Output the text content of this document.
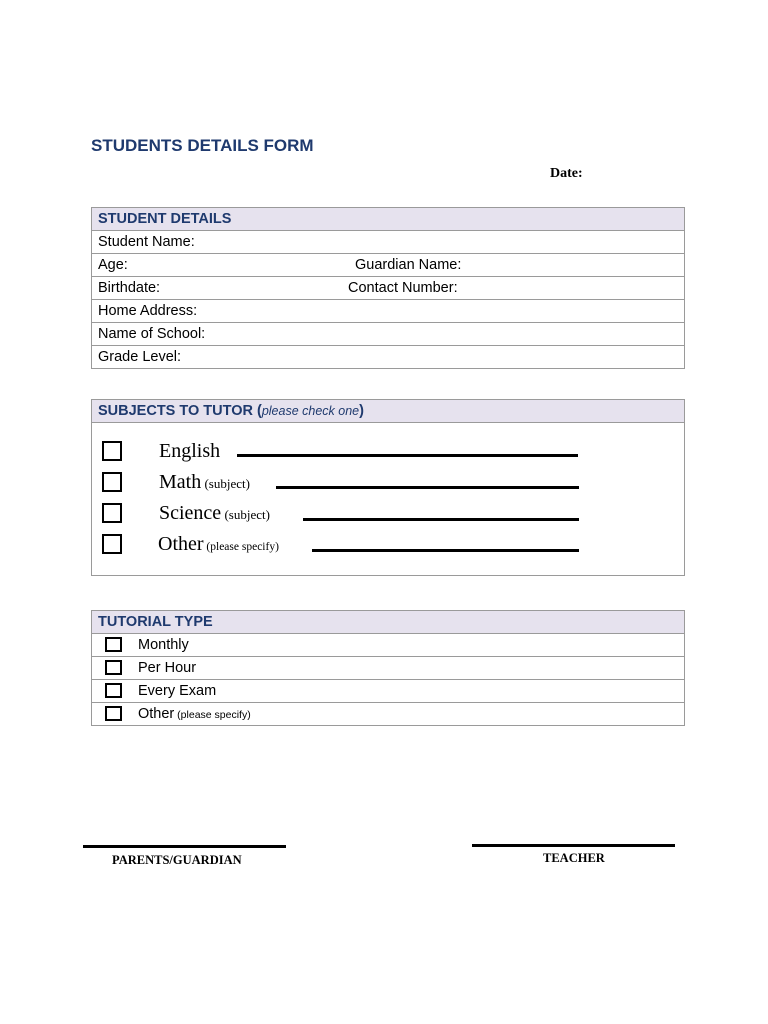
STUDENTS DETAILS FORM
Date:
STUDENT DETAILS
Student Name:
Age:	Guardian Name:
Birthdate:	Contact Number:
Home Address:
Name of School:
Grade Level:
SUBJECTS TO TUTOR (please check one)
English
Math (subject)
Science (subject)
Other (please specify)
TUTORIAL TYPE
Monthly
Per Hour
Every Exam
Other (please specify)
PARENTS/GUARDIAN	TEACHER
